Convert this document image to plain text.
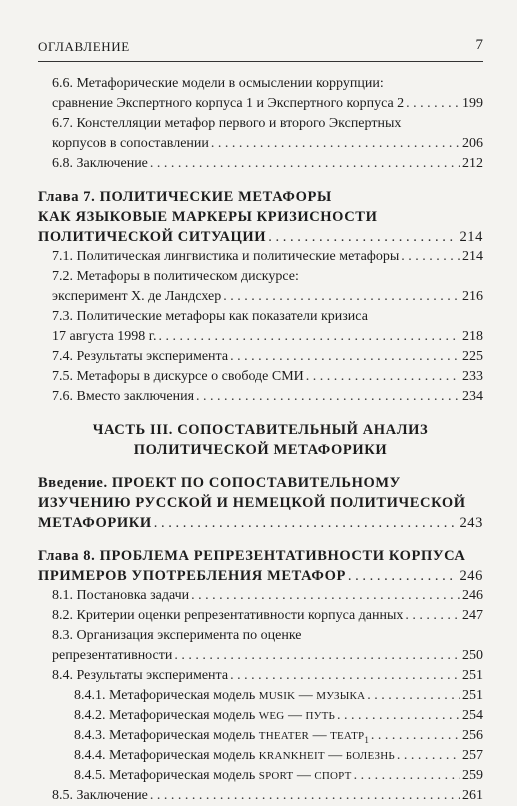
ОГЛАВЛЕНИЕ	7
6.6. Метафорические модели в осмыслении коррупции:
сравнение Экспертного корпуса 1 и Экспертного корпуса 2 . . .	199
6.7. Констелляции метафор первого и второго Экспертных
корпусов в сопоставлении . . .	206
6.8. Заключение . . .	212
Глава 7. ПОЛИТИЧЕСКИЕ МЕТАФОРЫ
КАК ЯЗЫКОВЫЕ МАРКЕРЫ КРИЗИСНОСТИ
ПОЛИТИЧЕСКОЙ СИТУАЦИИ . . .	214
7.1. Политическая лингвистика и политические метафоры . . .	214
7.2. Метафоры в политическом дискурсе:
эксперимент Х. де Ландсхер . . .	216
7.3. Политические метафоры как показатели кризиса
17 августа 1998 г. . . .	218
7.4. Результаты эксперимента . . .	225
7.5. Метафоры в дискурсе о свободе СМИ . . .	233
7.6. Вместо заключения . . .	234
ЧАСТЬ III. СОПОСТАВИТЕЛЬНЫЙ АНАЛИЗ
ПОЛИТИЧЕСКОЙ МЕТАФОРИКИ
Введение. ПРОЕКТ ПО СОПОСТАВИТЕЛЬНОМУ
ИЗУЧЕНИЮ РУССКОЙ И НЕМЕЦКОЙ ПОЛИТИЧЕСКОЙ
МЕТАФОРИКИ . . .	243
Глава 8. ПРОБЛЕМА РЕПРЕЗЕНТАТИВНОСТИ КОРПУСА
ПРИМЕРОВ УПОТРЕБЛЕНИЯ МЕТАФОР . . .	246
8.1. Постановка задачи . . .	246
8.2. Критерии оценки репрезентативности корпуса данных . . .	247
8.3. Организация эксперимента по оценке
репрезентативности . . .	250
8.4. Результаты эксперимента . . .	251
8.4.1. Метафорическая модель MUSIK — МУЗЫКА . . .	251
8.4.2. Метафорическая модель WEG — ПУТЬ . . .	254
8.4.3. Метафорическая модель THEATER — $ТЕАТР_1$ . . .	256
8.4.4. Метафорическая модель KRANKHEIT — БОЛЕЗНЬ . . .	257
8.4.5. Метафорическая модель SPORT — СПОРТ . . .	259
8.5. Заключение . . .	261
